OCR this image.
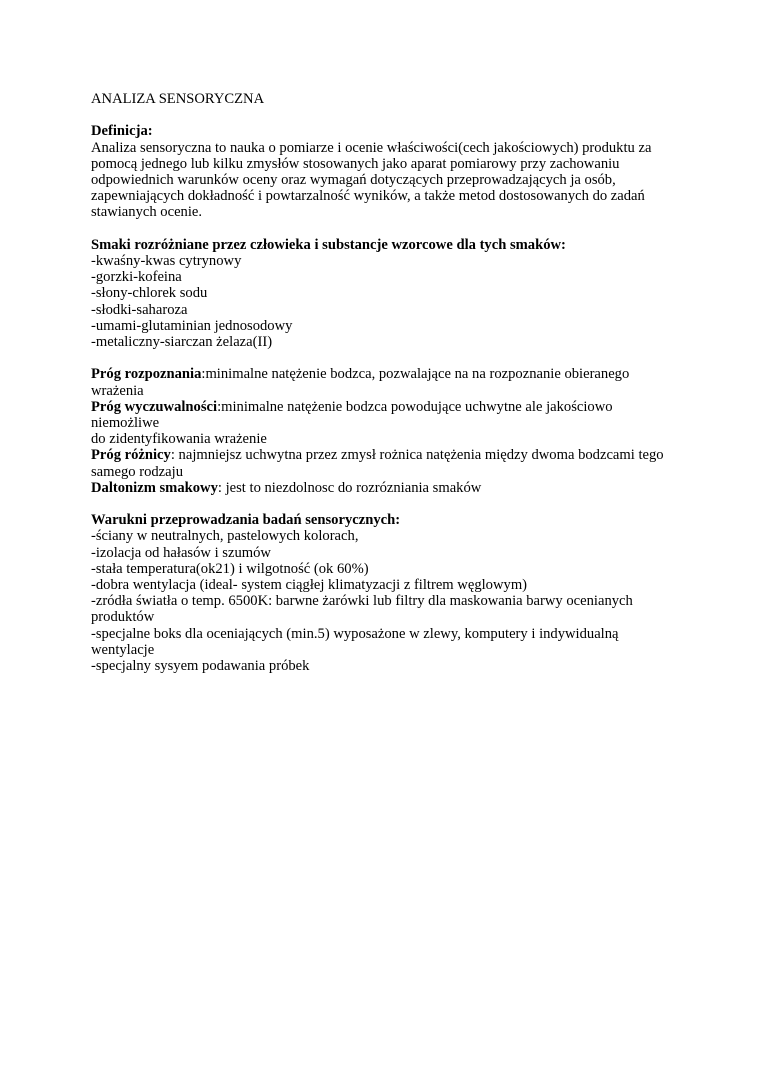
ANALIZA SENSORYCZNA

Definicja:

Analiza sensoryczna to nauka o pomiarze i ocenie właściwości(cech jakościowych) produktu za

pomocą jednego lub kilku zmysłów stosowanych jako aparat pomiarowy przy zachowaniu

odpowiednich warunków oceny oraz wymagań dotyczących przeprowadzających ja osób,

zapewniających dokładność i powtarzalność wyników, a także metod dostosowanych do zadań

stawianych ocenie.

Smaki rozróżniane przez człowieka i substancje wzorcowe dla tych smaków:

-kwaśny-kwas cytrynowy

-gorzki-kofeina

-słony-chlorek sodu

-słodki-saharoza

-umami-glutaminian jednosodowy

-metaliczny-siarczan żelaza(II)

Próg rozpoznania:minimalne natężenie bodzca, pozwalające na na rozpoznanie obieranego wrażenia

Próg wyczuwalności:minimalne natężenie bodzca powodujące uchwytne ale jakościowo niemożliwe

do zidentyfikowania wrażenie

Próg różnicy: najmniejsz uchwytna przez zmysł rożnica natężenia między dwoma bodzcami tego

samego rodzaju

Daltonizm smakowy: jest to niezdolnosc do rozrózniania smaków

Warukni przeprowadzania badań sensorycznych:

-ściany w neutralnych, pastelowych kolorach,

-izolacja od hałasów i szumów

-stała temperatura(ok21) i wilgotność (ok 60%)

-dobra wentylacja (ideal- system ciągłej klimatyzacji z filtrem węglowym)

-zródła światła o temp. 6500K: barwne żarówki lub filtry dla maskowania barwy ocenianych

produktów

-specjalne boks dla oceniających (min.5) wyposażone w zlewy, komputery i indywidualną wentylacje

-specjalny sysyem podawania próbek
